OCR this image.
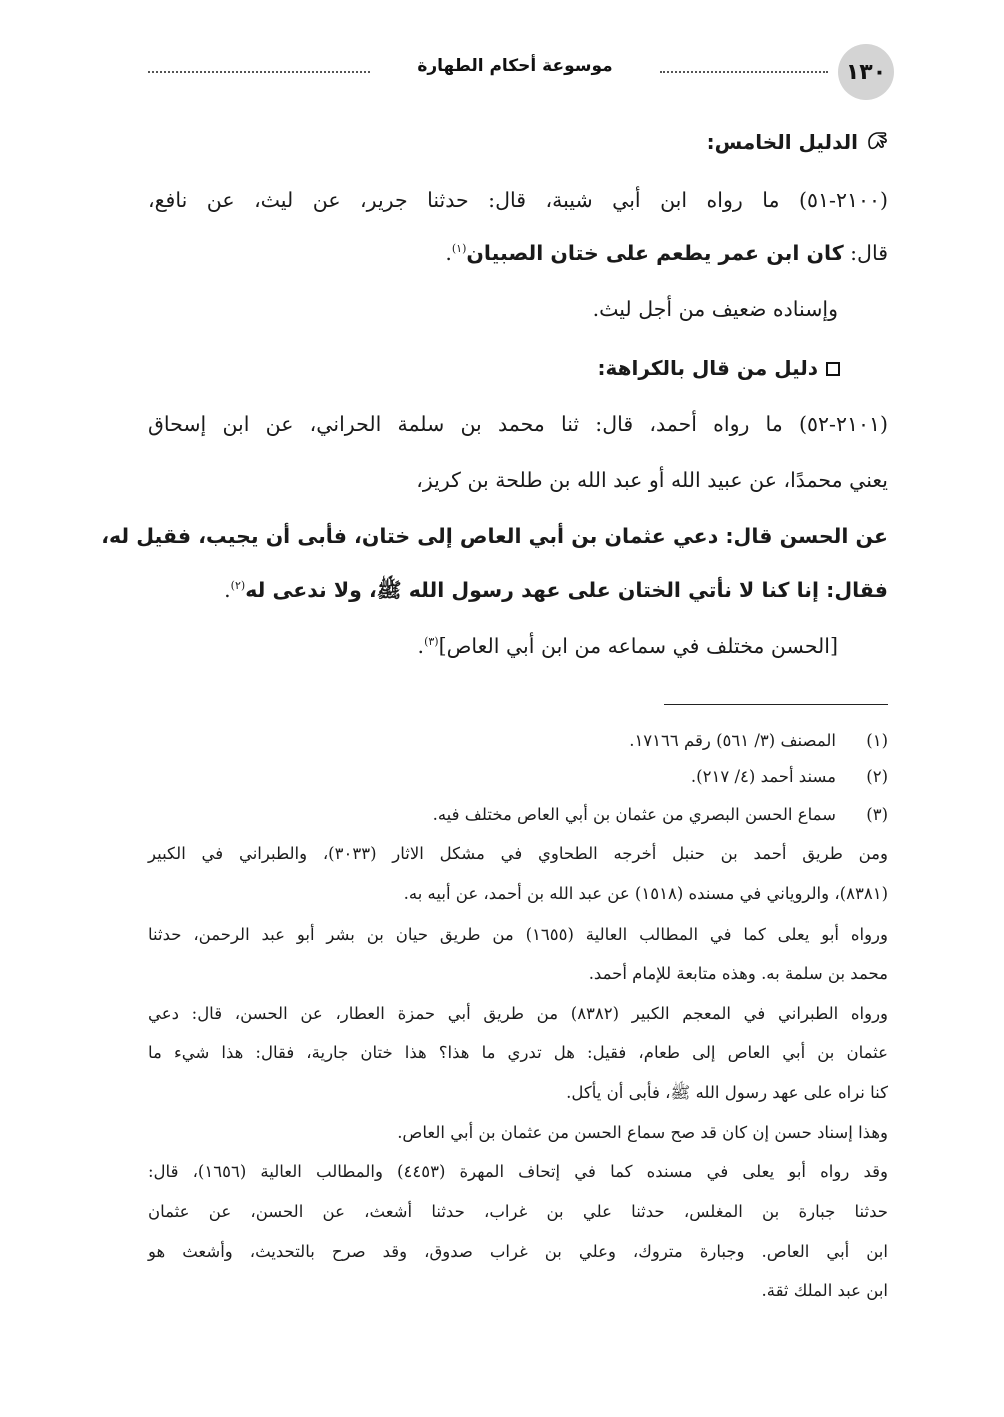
١٣٠
موسوعة أحكام الطهارة
الدليل الخامس:
(٢١٠٠-٥١) ما رواه ابن أبي شيبة، قال: حدثنا جرير، عن ليث، عن نافع،
قال: كان ابن عمر يطعم على ختان الصبيان$^{(١)}$.
وإسناده ضعيف من أجل ليث.
دليل من قال بالكراهة:
(٢١٠١-٥٢) ما رواه أحمد، قال: ثنا محمد بن سلمة الحراني، عن ابن إسحاق
يعني محمدًا، عن عبيد الله أو عبد الله بن طلحة بن كريز،
عن الحسن قال: دعي عثمان بن أبي العاص إلى ختان، فأبى أن يجيب، فقيل له،
فقال: إنا كنا لا نأتي الختان على عهد رسول الله ﷺ، ولا ندعى له$^{(٢)}$.
[الحسن مختلف في سماعه من ابن أبي العاص]$^{(٣)}$.
(١)المصنف (٣/ ٥٦١) رقم ١٧١٦٦.
(٢)مسند أحمد (٤/ ٢١٧).
(٣)سماع الحسن البصري من عثمان بن أبي العاص مختلف فيه.
ومن طريق أحمد بن حنبل أخرجه الطحاوي في مشكل الاثار (٣٠٣٣)، والطبراني في الكبير
(٨٣٨١)، والروياني في مسنده (١٥١٨) عن عبد الله بن أحمد، عن أبيه به.
ورواه أبو يعلى كما في المطالب العالية (١٦٥٥) من طريق حيان بن بشر أبو عبد الرحمن، حدثنا
محمد بن سلمة به. وهذه متابعة للإمام أحمد.
ورواه الطبراني في المعجم الكبير (٨٣٨٢) من طريق أبي حمزة العطار، عن الحسن، قال: دعي
عثمان بن أبي العاص إلى طعام، فقيل: هل تدري ما هذا؟ هذا ختان جارية، فقال: هذا شيء ما
كنا نراه على عهد رسول الله ﷺ، فأبى أن يأكل.
وهذا إسناد حسن إن كان قد صح سماع الحسن من عثمان بن أبي العاص.
وقد رواه أبو يعلى في مسنده كما في إتحاف المهرة (٤٤٥٣) والمطالب العالية (١٦٥٦)، قال:
حدثنا جبارة بن المغلس، حدثنا علي بن غراب، حدثنا أشعث، عن الحسن، عن عثمان
ابن أبي العاص. وجبارة متروك، وعلي بن غراب صدوق، وقد صرح بالتحديث، وأشعث هو
ابن عبد الملك ثقة.
